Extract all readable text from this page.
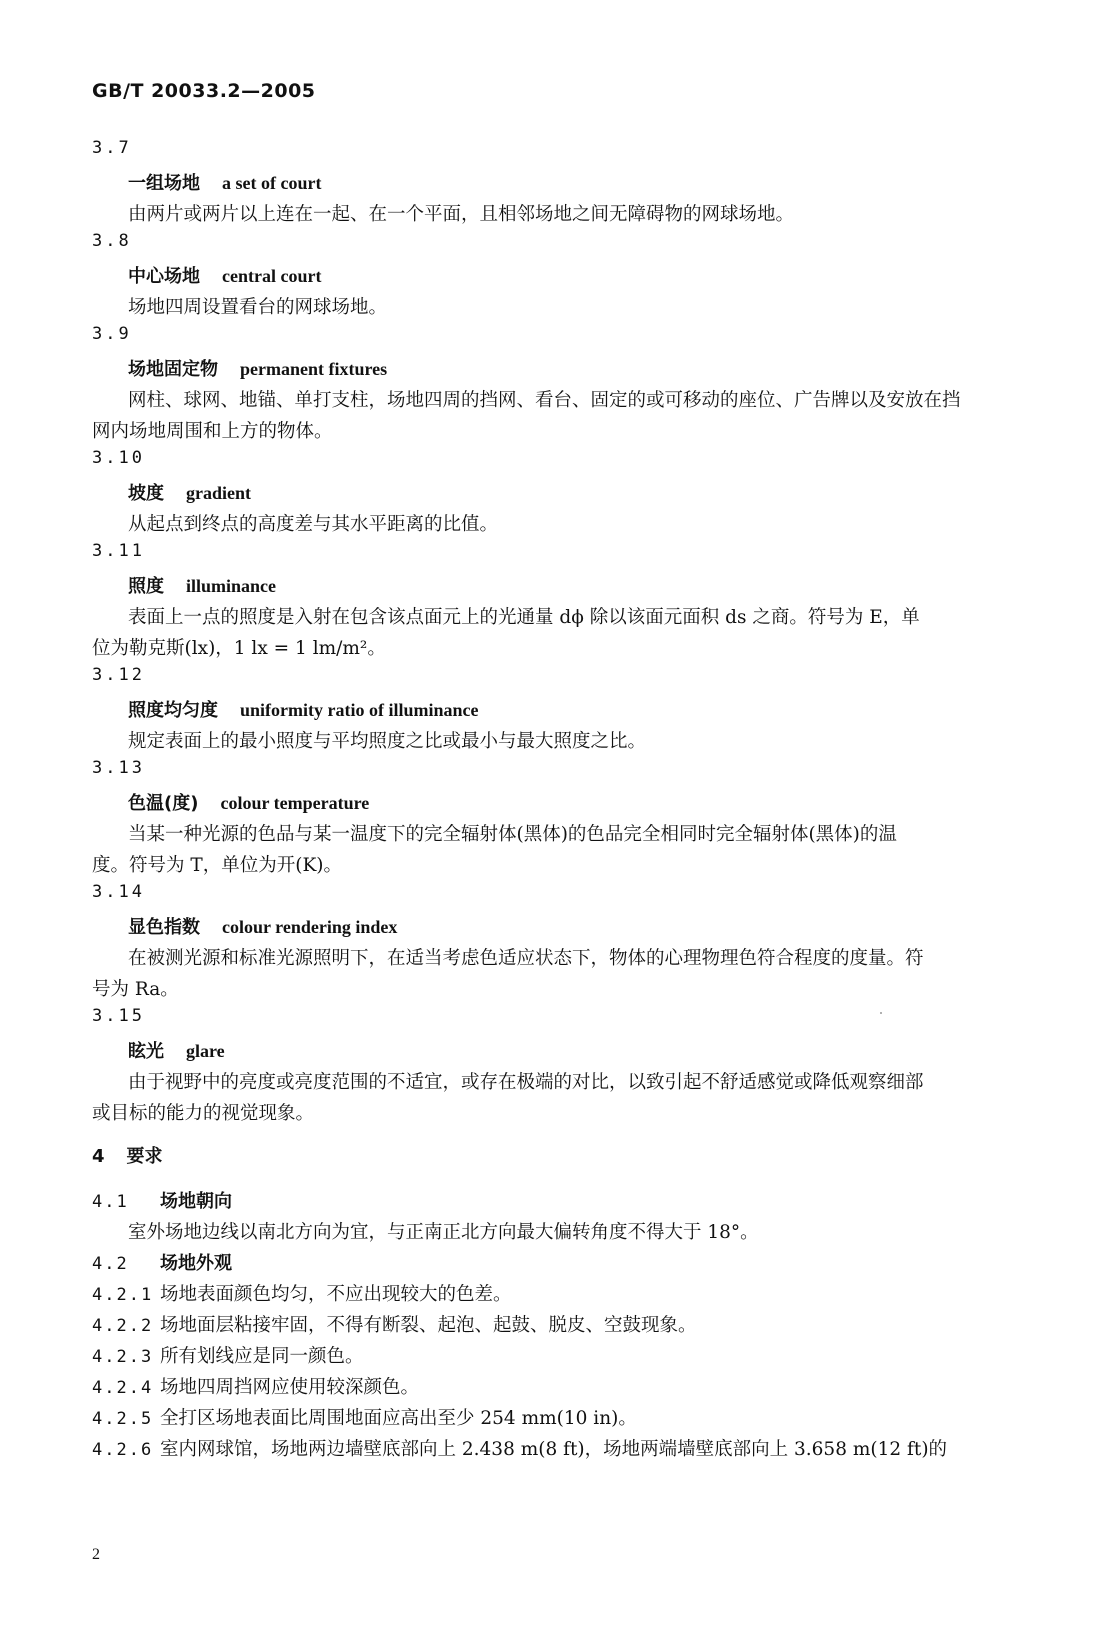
GB/T 20033.2—2005
3.7
一组场地 a set of court
由两片或两片以上连在一起、在一个平面，且相邻场地之间无障碍物的网球场地。
3.8
中心场地 central court
场地四周设置看台的网球场地。
3.9
场地固定物 permanent fixtures
网柱、球网、地锚、单打支柱，场地四周的挡网、看台、固定的或可移动的座位、广告牌以及安放在挡
网内场地周围和上方的物体。
3.10
坡度 gradient
从起点到终点的高度差与其水平距离的比值。
3.11
照度 illuminance
表面上一点的照度是入射在包含该点面元上的光通量 dϕ 除以该面元面积 ds 之商。符号为 E，单
位为勒克斯(lx)，1 lx = 1 lm/m²。
3.12
照度均匀度 uniformity ratio of illuminance
规定表面上的最小照度与平均照度之比或最小与最大照度之比。
3.13
色温(度) colour temperature
当某一种光源的色品与某一温度下的完全辐射体(黑体)的色品完全相同时完全辐射体(黑体)的温
度。符号为 T，单位为开(K)。
3.14
显色指数 colour rendering index
在被测光源和标准光源照明下，在适当考虑色适应状态下，物体的心理物理色符合程度的度量。符
号为 Ra。
3.15
眩光 glare
由于视野中的亮度或亮度范围的不适宜，或存在极端的对比，以致引起不舒适感觉或降低观察细部
或目标的能力的视觉现象。
4 要求
4.1 场地朝向
室外场地边线以南北方向为宜，与正南正北方向最大偏转角度不得大于 18°。
4.2 场地外观
4.2.1 场地表面颜色均匀，不应出现较大的色差。
4.2.2 场地面层粘接牢固，不得有断裂、起泡、起鼓、脱皮、空鼓现象。
4.2.3 所有划线应是同一颜色。
4.2.4 场地四周挡网应使用较深颜色。
4.2.5 全打区场地表面比周围地面应高出至少 254 mm(10 in)。
4.2.6 室内网球馆，场地两边墙壁底部向上 2.438 m(8 ft)，场地两端墙壁底部向上 3.658 m(12 ft)的
2
